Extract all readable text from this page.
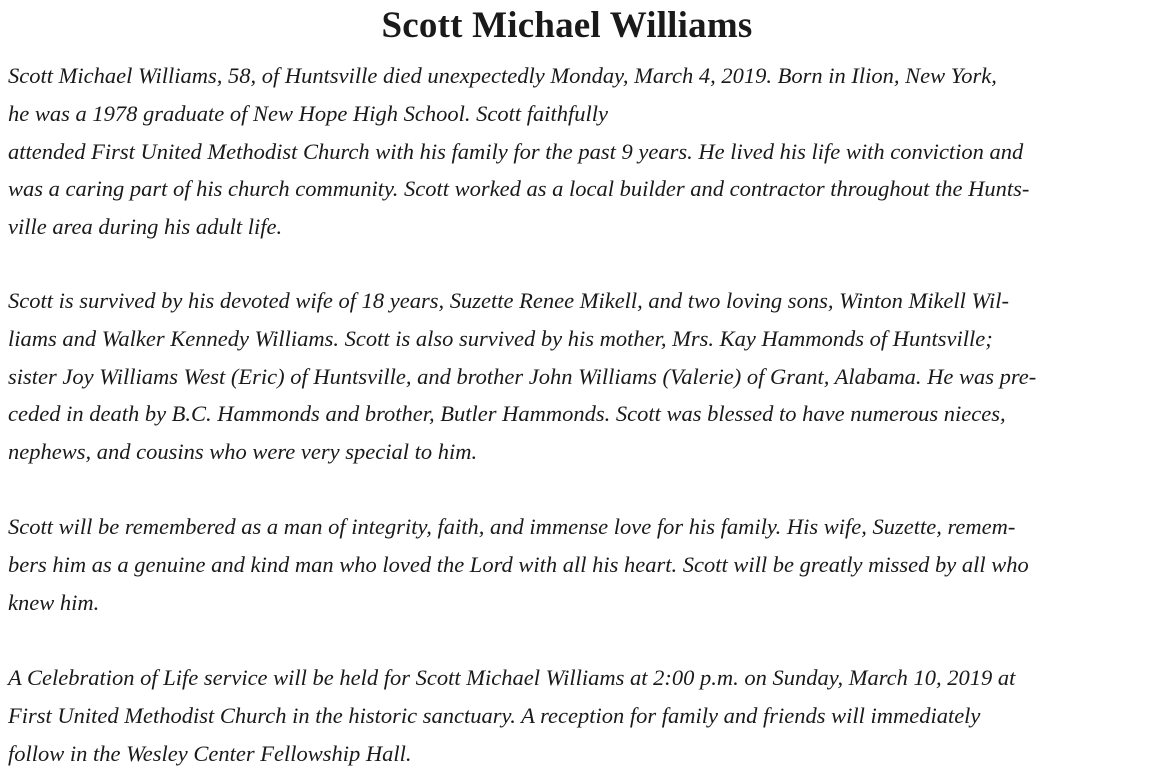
Scott Michael Williams

Scott Michael Williams, 58, of Huntsville died unexpectedly Monday, March 4, 2019. Born in Ilion, New York,
he was a 1978 graduate of New Hope High School. Scott faithfully
attended First United Methodist Church with his family for the past 9 years. He lived his life with conviction and
was a caring part of his church community. Scott worked as a local builder and contractor throughout the Hunts-
ville area during his adult life.

Scott is survived by his devoted wife of 18 years, Suzette Renee Mikell, and two loving sons, Winton Mikell Wil-
liams and Walker Kennedy Williams. Scott is also survived by his mother, Mrs. Kay Hammonds of Huntsville;
sister Joy Williams West (Eric) of Huntsville, and brother John Williams (Valerie) of Grant, Alabama. He was pre-
ceded in death by B.C. Hammonds and brother, Butler Hammonds. Scott was blessed to have numerous nieces,
nephews, and cousins who were very special to him.

Scott will be remembered as a man of integrity, faith, and immense love for his family. His wife, Suzette, remem-
bers him as a genuine and kind man who loved the Lord with all his heart. Scott will be greatly missed by all who
knew him.

A Celebration of Life service will be held for Scott Michael Williams at 2:00 p.m. on Sunday, March 10, 2019 at
First United Methodist Church in the historic sanctuary. A reception for family and friends will immediately
follow in the Wesley Center Fellowship Hall.
